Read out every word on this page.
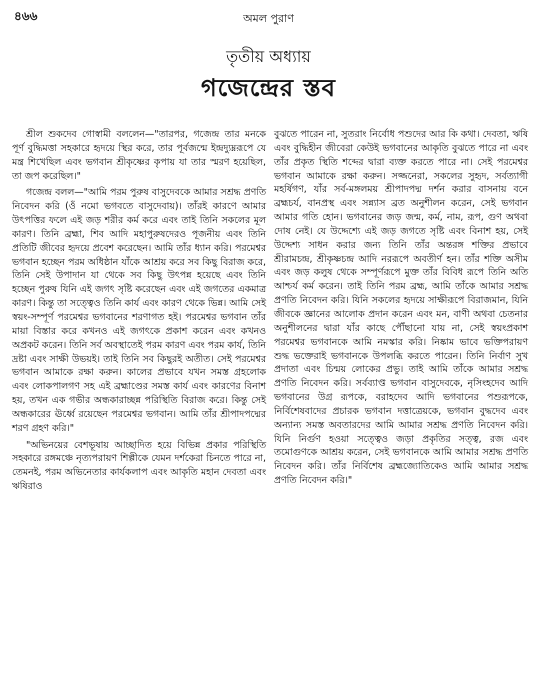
৪৬৬	অমল পুরাণ
তৃতীয় অধ্যায়
গজেন্দ্রের স্তব

শ্রীল শুকদেব গোস্বামী বললেন—"তারপর, গজেন্দ্র তার মনকে পূর্ণ বুদ্ধিমত্তা সহকারে হৃদয়ে স্থির করে, তার পূর্বজন্মে ইন্দ্রদ্যুম্নরূপে যে মন্ত্র শিখেছিল এবং ভগবান শ্রীকৃষ্ণের কৃপায় যা তার স্মরণ হয়েছিল, তা জপ করেছিল।"

গজেন্দ্র বলল—"আমি পরম পুরুষ বাসুদেবকে আমার সশ্রদ্ধ প্রণতি নিবেদন করি (ওঁ নমো ভগবতে বাসুদেবায়)। তাঁরই কারণে আমার উৎপত্তির ফলে এই জড় শরীর কর্ম করে এবং তাই তিনি সকলের মূল কারণ। তিনি ব্রহ্মা, শিব আদি মহাপুরুষদেরও পূজনীয় এবং তিনি প্রতিটি জীবের হৃদয়ে প্রবেশ করেছেন। আমি তাঁর ধ্যান করি। পরমেশ্বর ভগবান হচ্ছেন পরম অধিষ্ঠান যাঁকে আশ্রয় করে সব কিছু বিরাজ করে, তিনি সেই উপাদান যা থেকে সব কিছু উৎপন্ন হয়েছে এবং তিনি হচ্ছেন পুরুষ যিনি এই জগৎ সৃষ্টি করেছেন এবং এই জগতের একমাত্র কারণ। কিন্তু তা সত্ত্বেও তিনি কার্য এবং কারণ থেকে ভিন্ন। আমি সেই স্বয়ং-সম্পূর্ণ পরমেশ্বর ভগবানের শরণাগত হই। পরমেশ্বর ভগবান তাঁর মায়া বিস্তার করে কখনও এই জগৎকে প্রকাশ করেন এবং কখনও অপ্রকট করেন। তিনি সর্ব অবস্থাতেই পরম কারণ এবং পরম কার্য, তিনি দ্রষ্টা এবং সাক্ষী উভয়ই। তাই তিনি সব কিছুরই অতীত। সেই পরমেশ্বর ভগবান আমাকে রক্ষা করুন। কালের প্রভাবে যখন সমস্ত গ্রহলোক এবং লোকপালগণ সহ এই ব্রহ্মাণ্ডের সমস্ত কার্য এবং কারণের বিনাশ হয়, তখন এক গভীর অন্ধকারাচ্ছন্ন পরিস্থিতি বিরাজ করে। কিন্তু সেই অন্ধকারের ঊর্ধ্বে রয়েছেন পরমেশ্বর ভগবান। আমি তাঁর শ্রীপাদপদ্মের শরণ গ্রহণ করি।"

"অভিনয়ের বেশভূষায় আচ্ছাদিত হয়ে বিভিন্ন প্রকার পরিস্থিতি সহকারে রঙ্গমঞ্চে নৃত্যপরায়ণ শিল্পীকে যেমন দর্শকেরা চিনতে পারে না, তেমনই, পরম অভিনেতার কার্যকলাপ এবং আকৃতি মহান দেবতা এবং ঋষিরাও

বুঝতে পারেন না, সুতরাং নির্বোধ পশুদের আর কি কথা। দেবতা, ঋষি এবং বুদ্ধিহীন জীবেরা কেউই ভগবানের আকৃতি বুঝতে পারে না এবং তাঁর প্রকৃত স্থিতি শব্দের দ্বারা ব্যক্ত করতে পারে না। সেই পরমেশ্বর ভগবান আমাকে রক্ষা করুন। সজ্জনেরা, সকলের সুহৃদ, সর্বত্যাগী মহর্ষিগণ, যাঁর সর্ব-মঙ্গলময় শ্রীপাদপদ্ম দর্শন করার বাসনায় বনে ব্রহ্মচর্য, বানপ্রস্থ এবং সন্ন্যাস ব্রত অনুশীলন করেন, সেই ভগবান আমার গতি হোন। ভগবানের জড় জন্ম, কর্ম, নাম, রূপ, গুণ অথবা দোষ নেই। যে উদ্দেশ্যে এই জড় জগতে সৃষ্টি এবং বিনাশ হয়, সেই উদ্দেশ্য সাধন করার জন্য তিনি তাঁর অন্তরঙ্গ শক্তির প্রভাবে শ্রীরামচন্দ্র, শ্রীকৃষ্ণচন্দ্র আদি নররূপে অবতীর্ণ হন। তাঁর শক্তি অসীম এবং জড় কলুষ থেকে সম্পূর্ণরূপে মুক্ত তাঁর বিবিধ রূপে তিনি অতি আশ্চর্য কর্ম করেন। তাই তিনি পরম ব্রহ্ম, আমি তাঁকে আমার সশ্রদ্ধ প্রণতি নিবেদন করি। যিনি সকলের হৃদয়ে সাক্ষীরূপে বিরাজমান, যিনি জীবকে জ্ঞানের আলোক প্রদান করেন এবং মন, বাণী অথবা চেতনার অনুশীলনের দ্বারা যাঁর কাছে পৌঁছানো যায় না, সেই স্বয়ংপ্রকাশ পরমেশ্বর ভগবানকে আমি নমস্কার করি। নিষ্কাম ভাবে ভক্তিপরায়ণ শুদ্ধ ভক্তেরাই ভগবানকে উপলব্ধি করতে পারেন। তিনি নির্বাণ সুখ প্রদাতা এবং চিন্ময় লোকের প্রভু। তাই আমি তাঁকে আমার সশ্রদ্ধ প্রণতি নিবেদন করি। সর্বব্যাপ্ত ভগবান বাসুদেবকে, নৃসিংহদেব আদি ভগবানের উগ্র রূপকে, বরাহদেব আদি ভগবানের পশুরূপকে, নির্বিশেষবাদের প্রচারক ভগবান দত্তাত্রেয়কে, ভগবান বুদ্ধদেব এবং অন্যান্য সমস্ত অবতারদের আমি আমার সশ্রদ্ধ প্রণতি নিবেদন করি। যিনি নির্গুণ হওয়া সত্ত্বেও জড়া প্রকৃতির সত্ত্ব, রজ এবং তমোগুণকে আশ্রয় করেন, সেই ভগবানকে আমি আমার সশ্রদ্ধ প্রণতি নিবেদন করি। তাঁর নির্বিশেষ ব্রহ্মজ্যোতিকেও আমি আমার সশ্রদ্ধ প্রণতি নিবেদন করি।"
